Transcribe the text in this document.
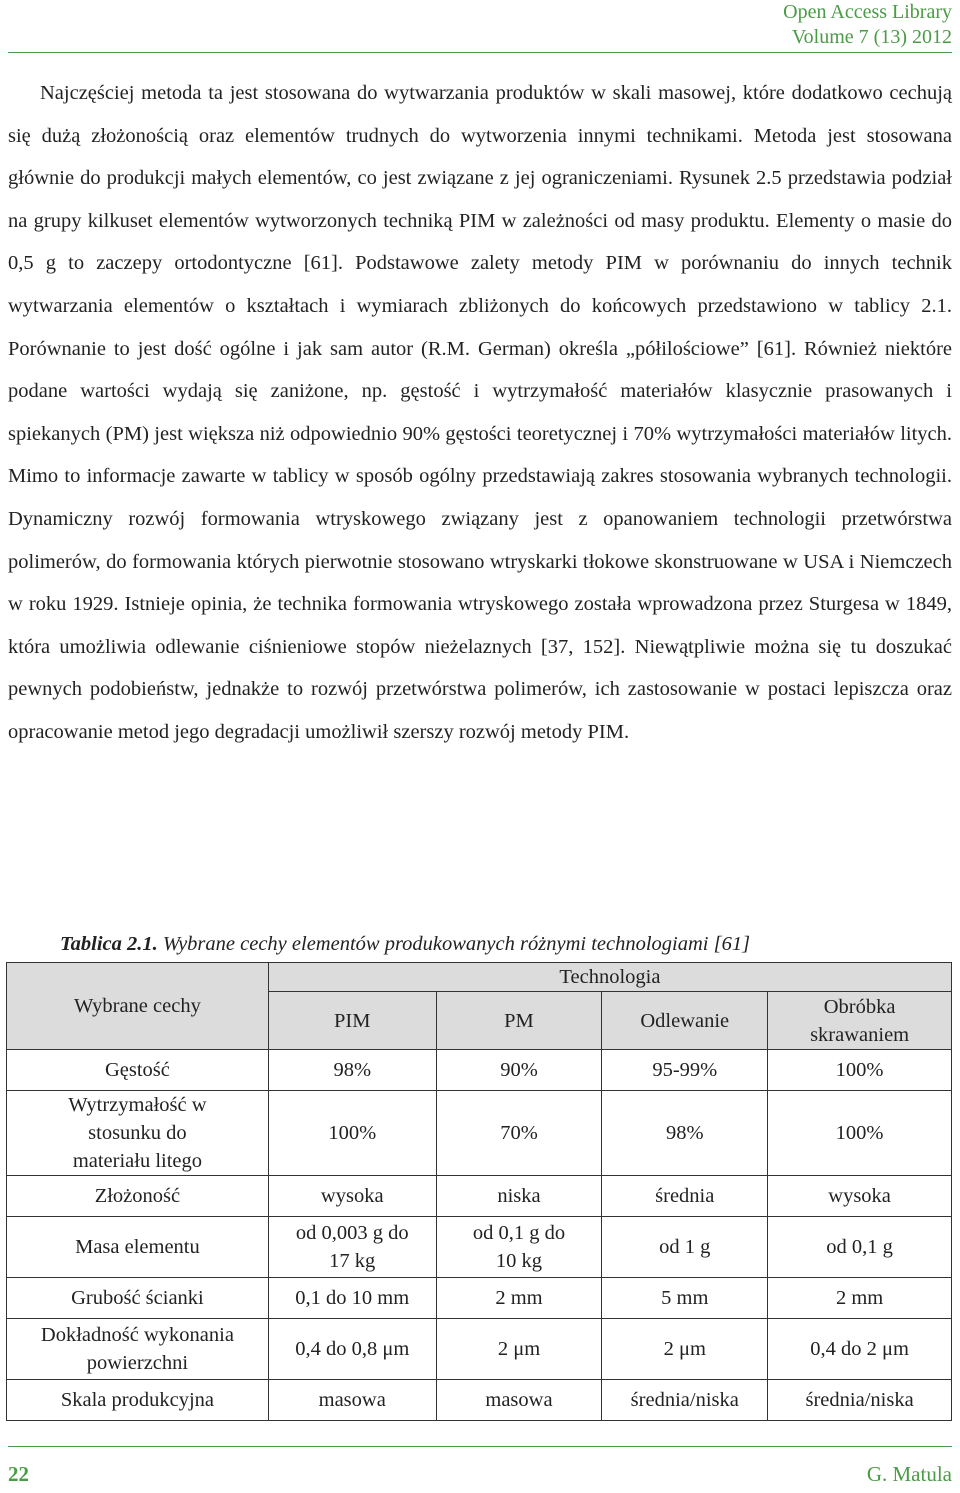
Open Access Library
Volume 7 (13) 2012

Najczęściej metoda ta jest stosowana do wytwarzania produktów w skali masowej, które dodatkowo cechują się dużą złożonością oraz elementów trudnych do wytworzenia innymi technikami. Metoda jest stosowana głównie do produkcji małych elementów, co jest związane z jej ograniczeniami. Rysunek 2.5 przedstawia podział na grupy kilkuset elementów wytworzonych techniką PIM w zależności od masy produktu. Elementy o masie do 0,5 g to zaczepy ortodontyczne [61]. Podstawowe zalety metody PIM w porównaniu do innych technik wytwarzania elementów o kształtach i wymiarach zbliżonych do końcowych przedstawiono w tablicy 2.1. Porównanie to jest dość ogólne i jak sam autor (R.M. German) określa „półilościowe” [61]. Również niektóre podane wartości wydają się zaniżone, np. gęstość i wytrzymałość materiałów klasycznie prasowanych i spiekanych (PM) jest większa niż odpowiednio 90% gęstości teoretycznej i 70% wytrzymałości materiałów litych. Mimo to informacje zawarte w tablicy w sposób ogólny przedstawiają zakres stosowania wybranych technologii. Dynamiczny rozwój formowania wtryskowego związany jest z opanowaniem technologii przetwórstwa polimerów, do formowania których pierwotnie stosowano wtryskarki tłokowe skonstruowane w USA i Niemczech w roku 1929. Istnieje opinia, że technika formowania wtryskowego została wprowadzona przez Sturgesa w 1849, która umożliwia odlewanie ciśnieniowe stopów nieżelaznych [37, 152]. Niewątpliwie można się tu doszukać pewnych podobieństw, jednakże to rozwój przetwórstwa polimerów, ich zastosowanie w postaci lepiszcza oraz opracowanie metod jego degradacji umożliwił szerszy rozwój metody PIM.

Tablica 2.1. Wybrane cechy elementów produkowanych różnymi technologiami [61]
Wybrane cechy	Technologia			
	PIM	PM	Odlewanie	Obróbka skrawaniem
Gęstość	98%	90%	95-99%	100%
Wytrzymałość w stosunku do materiału litego	100%	70%	98%	100%
Złożoność	wysoka	niska	średnia	wysoka
Masa elementu	od 0,003 g do 17 kg	od 0,1 g do 10 kg	od 1 g	od 0,1 g
Grubość ścianki	0,1 do 10 mm	2 mm	5 mm	2 mm
Dokładność wykonania powierzchni	0,4 do 0,8 μm	2 μm	2 μm	0,4 do 2 μm
Skala produkcyjna	masowa	masowa	średnia/niska	średnia/niska
22	G. Matula
